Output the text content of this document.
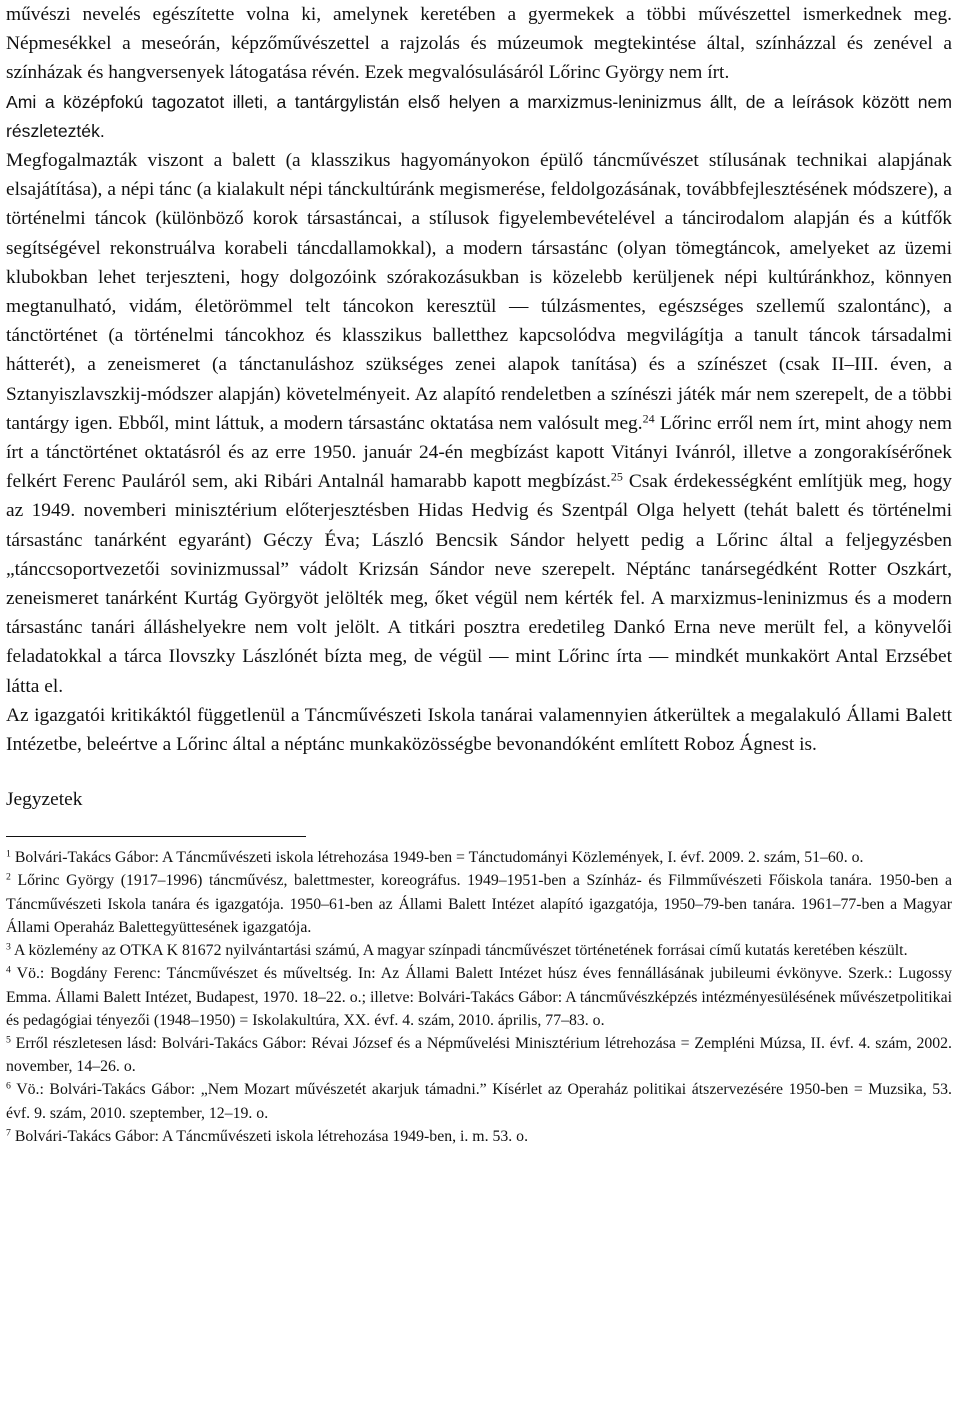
művészi nevelés egészítette volna ki, amelynek keretében a gyermekek a többi művészettel ismerkednek meg. Népmesékkel a meseórán, képzőművészettel a rajzolás és múzeumok megtekintése által, színházzal és zenével a színházak és hangversenyek látogatása révén. Ezek megvalósulásáról Lőrinc György nem írt.

Ami a középfokú tagozatot illeti, a tantárgylistán első helyen a marxizmus-leninizmus állt, de a leírások között nem részletezték.

Megfogalmazták viszont a balett (a klasszikus hagyományokon épülő táncművészet stílusának technikai alapjának elsajátítása), a népi tánc (a kialakult népi tánckultúránk megismerése, feldolgozásának, továbbfejlesztésének módszere), a történelmi táncok (különböző korok társastáncai, a stílusok figyelembevételével a táncirodalom alapján és a kútfők segítségével rekonstruálva korabeli táncdallamokkal), a modern társastánc (olyan tömegtáncok, amelyeket az üzemi klubokban lehet terjeszteni, hogy dolgozóink szórakozásukban is közelebb kerüljenek népi kultúránkhoz, könnyen megtanulható, vidám, életörömmel telt táncokon keresztül — túlzásmentes, egészséges szellemű szalontánc), a tánctörténet (a történelmi táncokhoz és klasszikus balletthez kapcsolódva megvilágítja a tanult táncok társadalmi hátterét), a zeneismeret (a tánctanuláshoz szükséges zenei alapok tanítása) és a színészet (csak II–III. éven, a Sztanyiszlavszkij-módszer alapján) követelményeit. Az alapító rendeletben a színészi játék már nem szerepelt, de a többi tantárgy igen. Ebből, mint láttuk, a modern társastánc oktatása nem valósult meg.$^{24}$ Lőrinc erről nem írt, mint ahogy nem írt a tánctörténet oktatásról és az erre 1950. január 24-én megbízást kapott Vitányi Ivánról, illetve a zongorakísérőnek felkért Ferenc Pauláról sem, aki Ribári Antalnál hamarabb kapott megbízást.$^{25}$ Csak érdekességként említjük meg, hogy az 1949. novemberi minisztérium előterjesztésben Hidas Hedvig és Szentpál Olga helyett (tehát balett és történelmi társastánc tanárként egyaránt) Géczy Éva; László Bencsik Sándor helyett pedig a Lőrinc által a feljegyzésben „tánccsoportvezetői sovinizmussal” vádolt Krizsán Sándor neve szerepelt. Néptánc tanársegédként Rotter Oszkárt, zeneismeret tanárként Kurtág Györgyöt jelölték meg, őket végül nem kérték fel. A marxizmus-leninizmus és a modern társastánc tanári álláshelyekre nem volt jelölt. A titkári posztra eredetileg Dankó Erna neve merült fel, a könyvelői feladatokkal a tárca Ilovszky Lászlónét bízta meg, de végül — mint Lőrinc írta — mindkét munkakört Antal Erzsébet látta el.

Az igazgatói kritikáktól függetlenül a Táncművészeti Iskola tanárai valamennyien átkerültek a megalakuló Állami Balett Intézetbe, beleértve a Lőrinc által a néptánc munkaközösségbe bevonandóként említett Roboz Ágnest is.

Jegyzetek

$^1$ Bolvári-Takács Gábor: A Táncművészeti iskola létrehozása 1949-ben = Tánctudományi Közlemények, I. évf. 2009. 2. szám, 51–60. o.

$^2$ Lőrinc György (1917–1996) táncművész, balettmester, koreográfus. 1949–1951-ben a Színház- és Filmművészeti Főiskola tanára. 1950-ben a Táncművészeti Iskola tanára és igazgatója. 1950–61-ben az Állami Balett Intézet alapító igazgatója, 1950–79-ben tanára. 1961–77-ben a Magyar Állami Operaház Balettegyüttesének igazgatója.

$^3$ A közlemény az OTKA K 81672 nyilvántartási számú, A magyar színpadi táncművészet történetének forrásai című kutatás keretében készült.

$^4$ Vö.: Bogdány Ferenc: Táncművészet és műveltség. In: Az Állami Balett Intézet húsz éves fennállásának jubileumi évkönyve. Szerk.: Lugossy Emma. Állami Balett Intézet, Budapest, 1970. 18–22. o.; illetve: Bolvári-Takács Gábor: A táncművészképzés intézményesülésének művészetpolitikai és pedagógiai tényezői (1948–1950) = Iskolakultúra, XX. évf. 4. szám, 2010. április, 77–83. o.

$^5$ Erről részletesen lásd: Bolvári-Takács Gábor: Révai József és a Népművelési Minisztérium létrehozása = Zempléni Múzsa, II. évf. 4. szám, 2002. november, 14–26. o.

$^6$ Vö.: Bolvári-Takács Gábor: „Nem Mozart művészetét akarjuk támadni.” Kísérlet az Operaház politikai átszervezésére 1950-ben = Muzsika, 53. évf. 9. szám, 2010. szeptember, 12–19. o.

$^7$ Bolvári-Takács Gábor: A Táncművészeti iskola létrehozása 1949-ben, i. m. 53. o.
